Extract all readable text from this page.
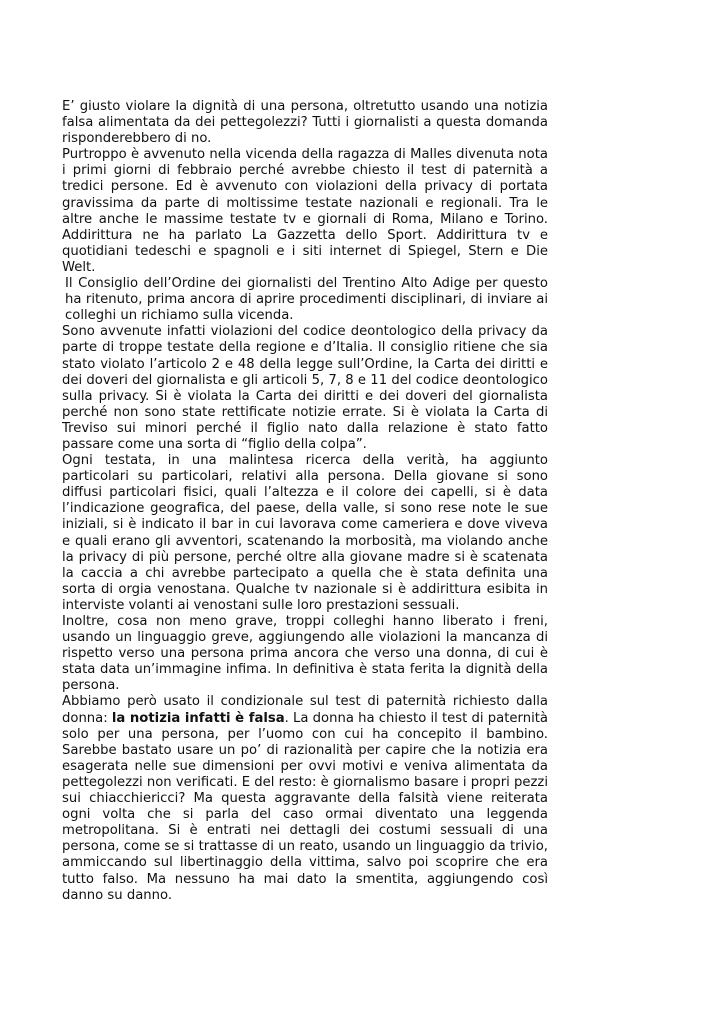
E’ giusto violare la dignità di una persona, oltretutto usando una notizia falsa alimentata da dei pettegolezzi? Tutti i giornalisti a questa domanda risponderebbero di no.

Purtroppo è avvenuto nella vicenda della ragazza di Malles divenuta nota i primi giorni di febbraio perché avrebbe chiesto il test di paternità a tredici persone. Ed è avvenuto con violazioni della privacy di portata gravissima da parte di moltissime testate nazionali e regionali. Tra le altre anche le massime testate tv e giornali di Roma, Milano e Torino. Addirittura ne ha parlato La Gazzetta dello Sport. Addirittura tv e quotidiani tedeschi e spagnoli e i siti internet di Spiegel, Stern e Die Welt.

Il Consiglio dell’Ordine dei giornalisti del Trentino Alto Adige per questo ha ritenuto, prima ancora di aprire procedimenti disciplinari, di inviare ai colleghi un richiamo sulla vicenda.

Sono avvenute infatti violazioni del codice deontologico della privacy da parte di troppe testate della regione e d’Italia. Il consiglio ritiene che sia stato violato l’articolo 2 e 48 della legge sull’Ordine, la Carta dei diritti e dei doveri del giornalista e gli articoli 5, 7, 8 e 11 del codice deontologico sulla privacy. Si è violata la Carta dei diritti e dei doveri del giornalista perché non sono state rettificate notizie errate. Si è violata la Carta di Treviso sui minori perché il figlio nato dalla relazione è stato fatto passare come una sorta di “figlio della colpa”.

Ogni testata, in una malintesa ricerca della verità, ha aggiunto particolari su particolari, relativi alla persona. Della giovane si sono diffusi particolari fisici, quali l’altezza e il colore dei capelli, si è data l’indicazione geografica, del paese, della valle, si sono rese note le sue iniziali, si è indicato il bar in cui lavorava come cameriera e dove viveva e quali erano gli avventori, scatenando la morbosità, ma violando anche la privacy di più persone, perché oltre alla giovane madre si è scatenata la caccia a chi avrebbe partecipato a quella che è stata definita una sorta di orgia venostana. Qualche tv nazionale si è addirittura esibita in interviste volanti ai venostani sulle loro prestazioni sessuali.

Inoltre, cosa non meno grave, troppi colleghi hanno liberato i freni, usando un linguaggio greve, aggiungendo alle violazioni la mancanza di rispetto verso una persona prima ancora che verso una donna, di cui è stata data un’immagine infima. In definitiva è stata ferita la dignità della persona.

Abbiamo però usato il condizionale sul test di paternità richiesto dalla donna: la notizia infatti è falsa. La donna ha chiesto il test di paternità solo per una persona, per l’uomo con cui ha concepito il bambino. Sarebbe bastato usare un po’ di razionalità per capire che la notizia era esagerata nelle sue dimensioni per ovvi motivi e veniva alimentata da pettegolezzi non verificati. E del resto: è giornalismo basare i propri pezzi sui chiacchiericci? Ma questa aggravante della falsità viene reiterata ogni volta che si parla del caso ormai diventato una leggenda metropolitana. Si è entrati nei dettagli dei costumi sessuali di una persona, come se si trattasse di un reato, usando un linguaggio da trivio, ammiccando sul libertinaggio della vittima, salvo poi scoprire che era tutto falso. Ma nessuno ha mai dato la smentita, aggiungendo così danno su danno.
